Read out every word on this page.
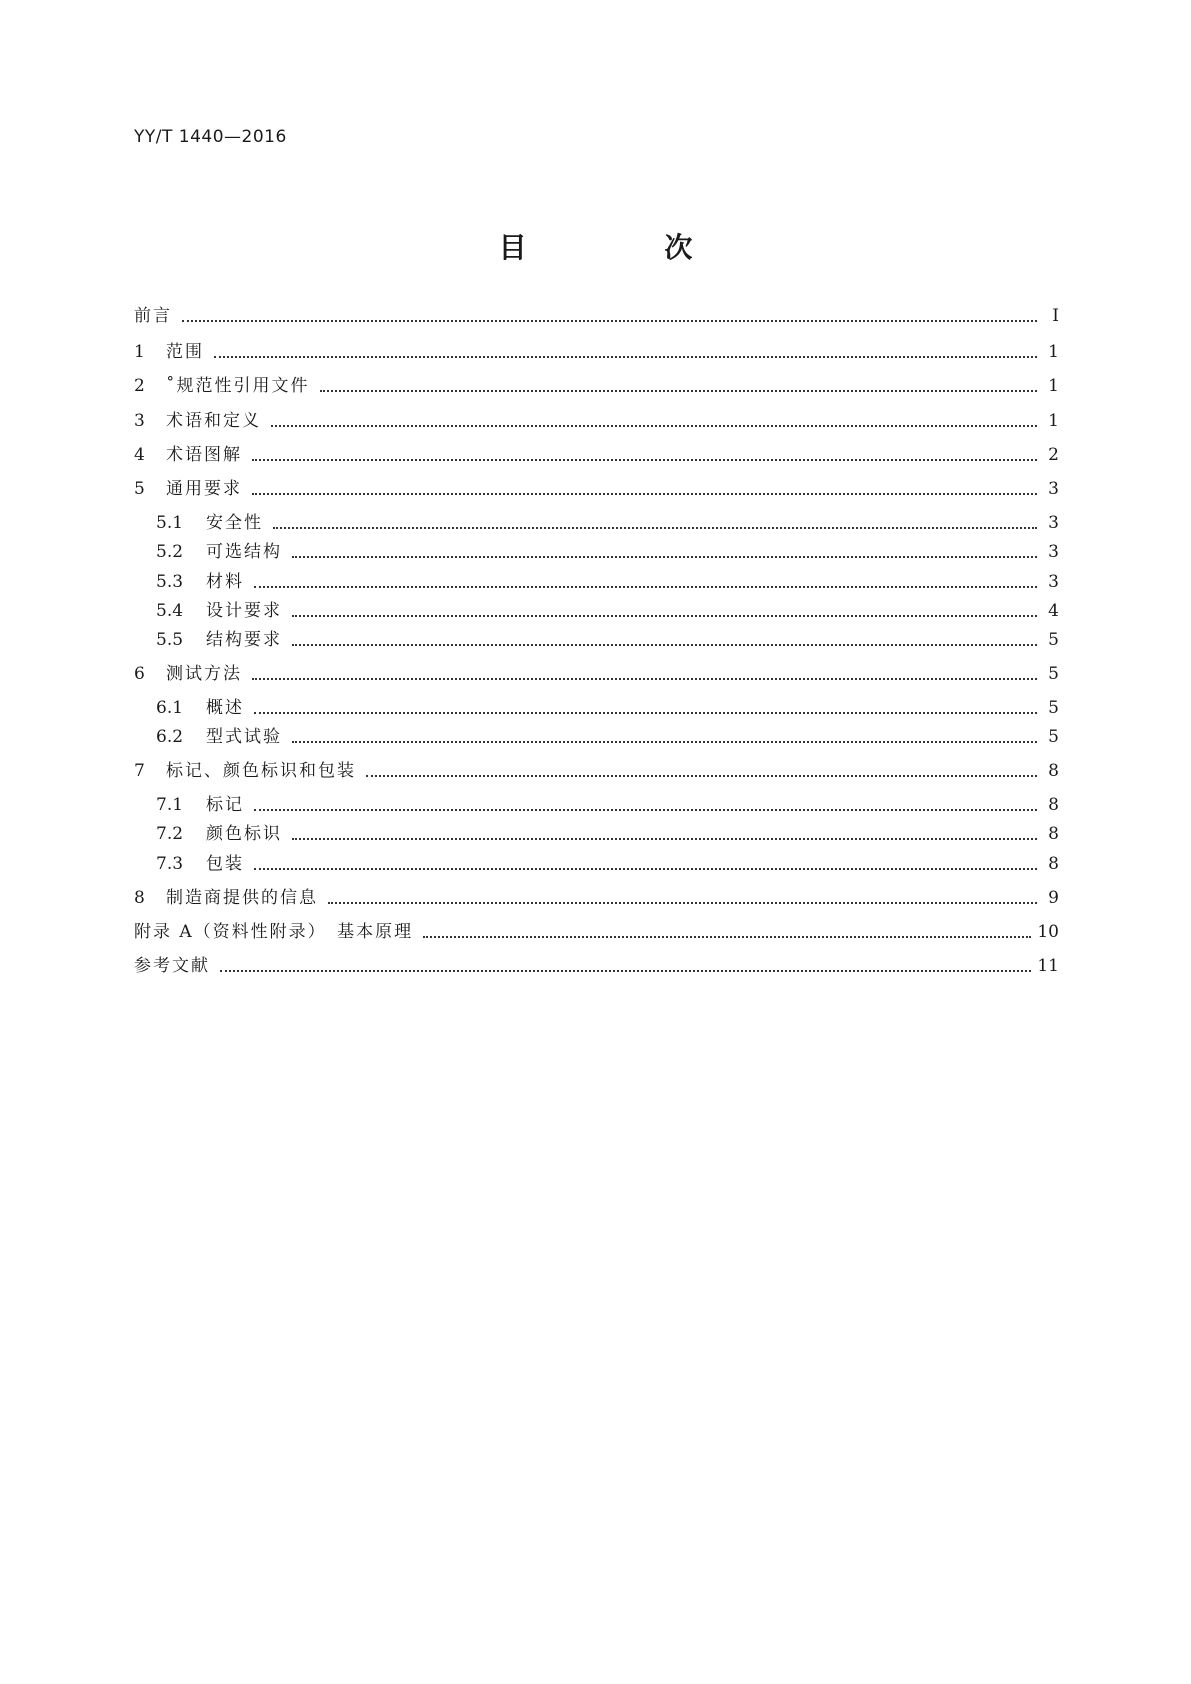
YY/T 1440—2016
目 次
前言	Ⅰ
1	范围	1
2	˚规范性引用文件	1
3	术语和定义	1
4	术语图解	2
5	通用要求	3
5.1	安全性	3
5.2	可选结构	3
5.3	材料	3
5.4	设计要求	4
5.5	结构要求	5
6	测试方法	5
6.1	概述	5
6.2	型式试验	5
7	标记、颜色标识和包装	8
7.1	标记	8
7.2	颜色标识	8
7.3	包装	8
8	制造商提供的信息	9
附录 A（资料性附录）　基本原理	10
参考文献	11
